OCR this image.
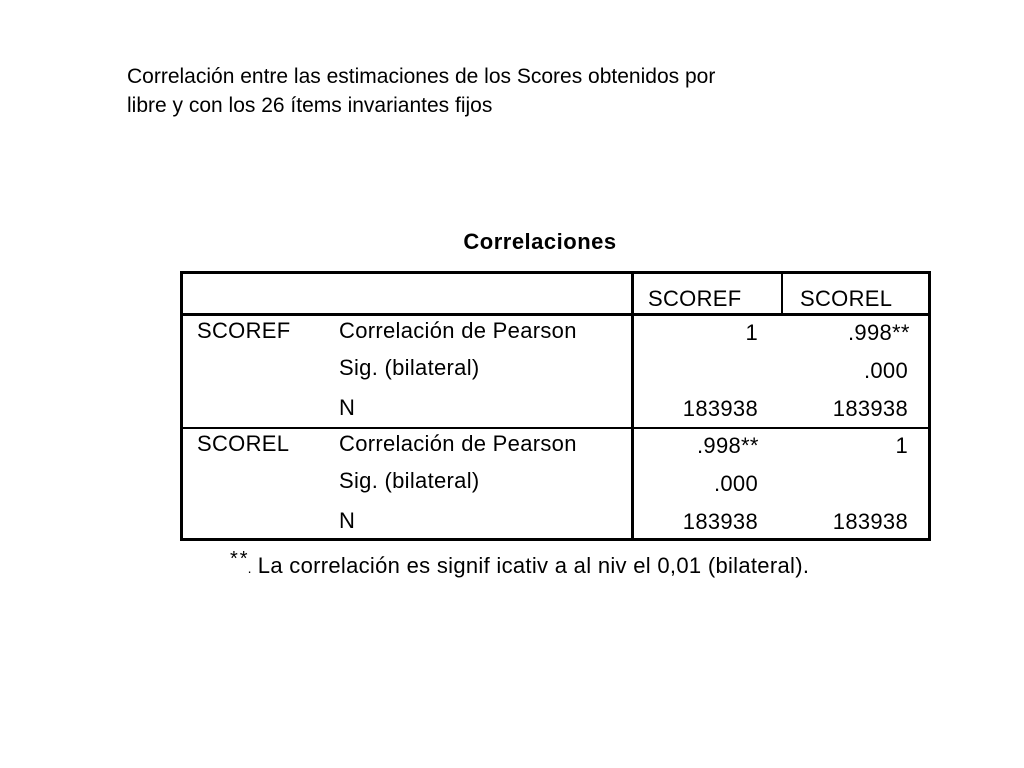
Correlación entre las estimaciones de los Scores obtenidos por
libre y con los 26 ítems invariantes fijos
Correlaciones
SCOREF	SCOREL
SCOREF Correlación de Pearson
Sig. (bilateral)
N
1
183938
.998**
.000
183938
SCOREL Correlación de Pearson
Sig. (bilateral)
N
.998**
.000
183938
1
183938
**. La correlación es signif icativ a al niv el 0,01 (bilateral).
